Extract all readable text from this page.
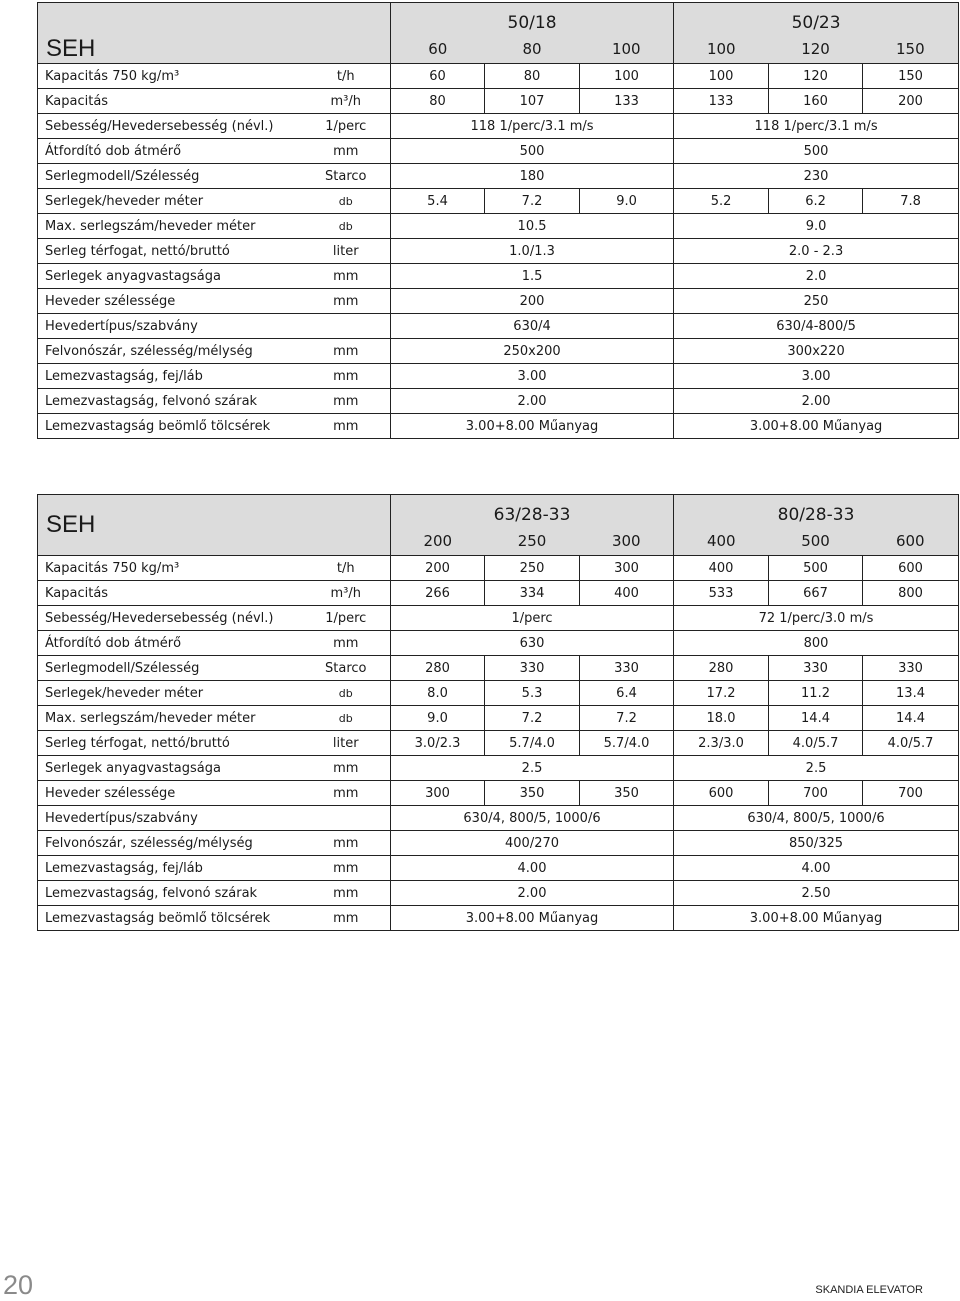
SEH		50/18			50/23		
		60	80	100	100	120	150
Kapacitás 750 kg/m³	t/h	60	80	100	100	120	150
Kapacitás	m³/h	80	107	133	133	160	200
Sebesség/Hevedersebesség (névl.)	1/perc	118 1/perc/3.1 m/s			118 1/perc/3.1 m/s		
Átfordító dob átmérő	mm	500			500		
Serlegmodell/Szélesség	Starco	180			230		
Serlegek/heveder méter	db	5.4	7.2	9.0	5.2	6.2	7.8
Max. serlegszám/heveder méter	db	10.5			9.0		
Serleg térfogat, nettó/bruttó	liter	1.0/1.3			2.0 - 2.3		
Serlegek anyagvastagsága	mm	1.5			2.0		
Heveder szélessége	mm	200			250		
Hevedertípus/szabvány		630/4			630/4-800/5		
Felvonószár, szélesség/mélység	mm	250x200			300x220		
Lemezvastagság, fej/láb	mm	3.00			3.00		
Lemezvastagság, felvonó szárak	mm	2.00			2.00		
Lemezvastagság beömlő tölcsérek	mm	3.00+8.00 Műanyag			3.00+8.00 Műanyag		
SEH		63/28-33			80/28-33		
		200	250	300	400	500	600
Kapacitás 750 kg/m³	t/h	200	250	300	400	500	600
Kapacitás	m³/h	266	334	400	533	667	800
Sebesség/Hevedersebesség (névl.)	1/perc	1/perc			72 1/perc/3.0 m/s		
Átfordító dob átmérő	mm	630			800		
Serlegmodell/Szélesség	Starco	280	330	330	280	330	330
Serlegek/heveder méter	db	8.0	5.3	6.4	17.2	11.2	13.4
Max. serlegszám/heveder méter	db	9.0	7.2	7.2	18.0	14.4	14.4
Serleg térfogat, nettó/bruttó	liter	3.0/2.3	5.7/4.0	5.7/4.0	2.3/3.0	4.0/5.7	4.0/5.7
Serlegek anyagvastagsága	mm	2.5			2.5		
Heveder szélessége	mm	300	350	350	600	700	700
Hevedertípus/szabvány		630/4, 800/5, 1000/6			630/4, 800/5, 1000/6		
Felvonószár, szélesség/mélység	mm	400/270			850/325		
Lemezvastagság, fej/láb	mm	4.00			4.00		
Lemezvastagság, felvonó szárak	mm	2.00			2.50		
Lemezvastagság beömlő tölcsérek	mm	3.00+8.00 Műanyag			3.00+8.00 Műanyag		
20	SKANDIA ELEVATOR
